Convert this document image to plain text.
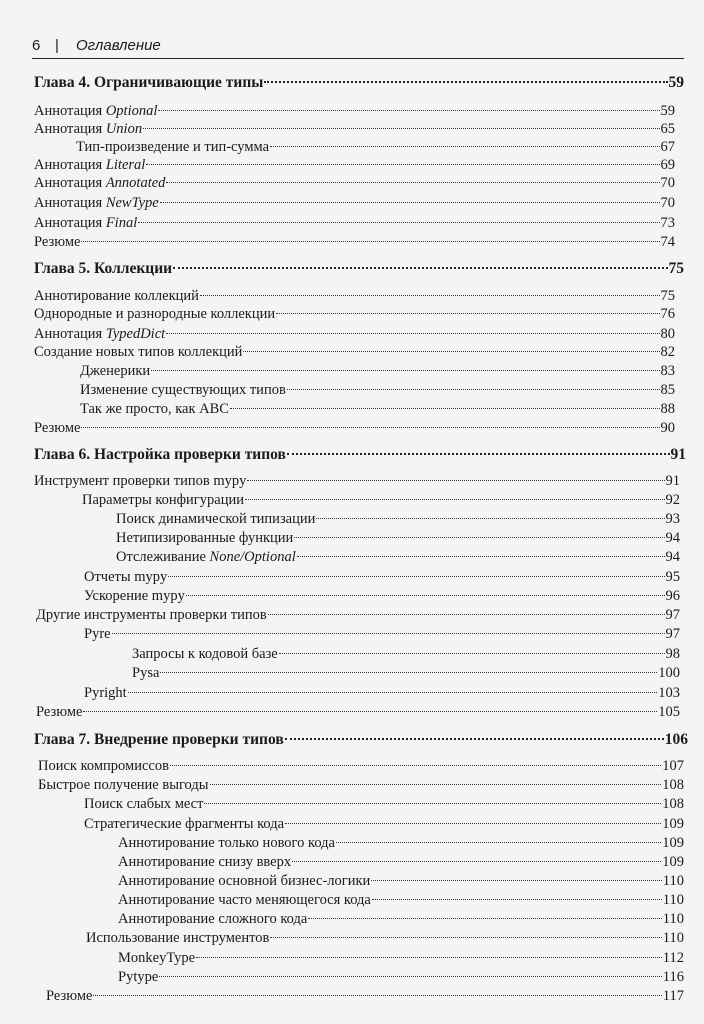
6 | Оглавление
Глава 4. Ограничивающие типы	59
Аннотация Optional	59
Аннотация Union	65
Тип-произведение и тип-сумма	67
Аннотация Literal	69
Аннотация Annotated	70
Аннотация NewType	70
Аннотация Final	73
Резюме	74
Глава 5. Коллекции	75
Аннотирование коллекций	75
Однородные и разнородные коллекции	76
Аннотация TypedDict	80
Создание новых типов коллекций	82
Дженерики	83
Изменение существующих типов	85
Так же просто, как ABC	88
Резюме	90
Глава 6. Настройка проверки типов	91
Инструмент проверки типов mypy	91
Параметры конфигурации	92
Поиск динамической типизации	93
Нетипизированные функции	94
Отслеживание None/Optional	94
Отчеты mypy	95
Ускорение mypy	96
Другие инструменты проверки типов	97
Pyre	97
Запросы к кодовой базе	98
Pysa	100
Pyright	103
Резюме	105
Глава 7. Внедрение проверки типов	106
Поиск компромиссов	107
Быстрое получение выгоды	108
Поиск слабых мест	108
Стратегические фрагменты кода	109
Аннотирование только нового кода	109
Аннотирование снизу вверх	109
Аннотирование основной бизнес-логики	110
Аннотирование часто меняющегося кода	110
Аннотирование сложного кода	110
Использование инструментов	110
MonkeyType	112
Pytype	116
Резюме	117
